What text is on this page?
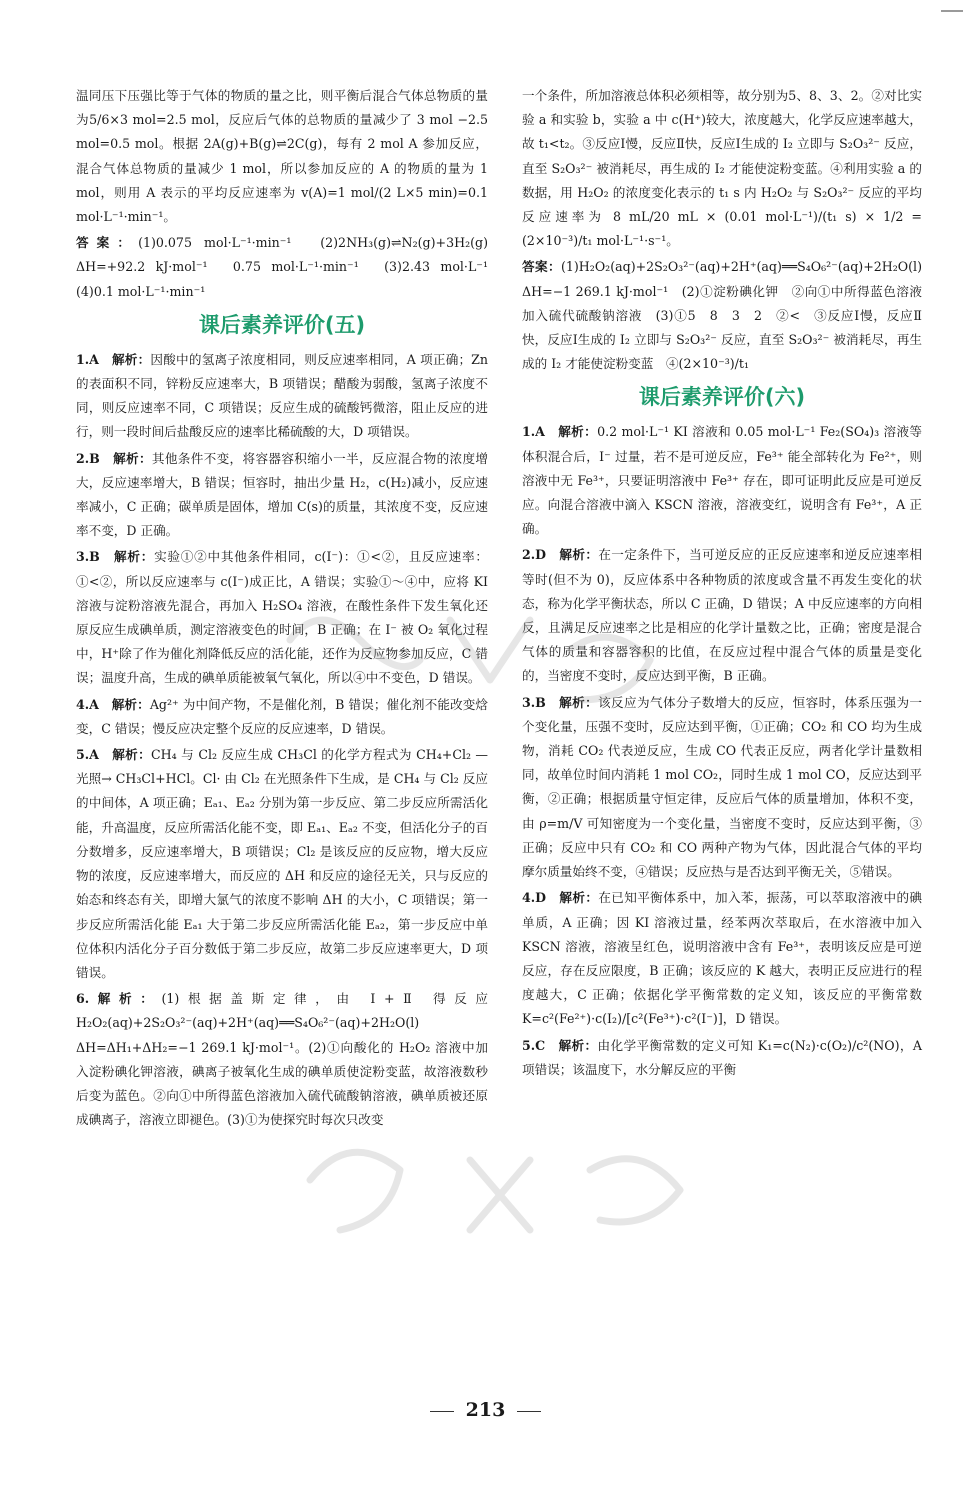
温同压下压强比等于气体的物质的量之比，则平衡后混合气体总物质的量为5/6×3 mol=2.5 mol，反应后气体的总物质的量减少了 3 mol −2.5 mol=0.5 mol。根据 2A(g)+B(g)⇌2C(g)，每有 2 mol A 参加反应，混合气体总物质的量减少 1 mol，所以参加反应的 A 的物质的量为 1 mol，则用 A 表示的平均反应速率为 v(A)=1 mol/(2 L×5 min)=0.1 mol·L⁻¹·min⁻¹。

答案：(1)0.075 mol·L⁻¹·min⁻¹　(2)2NH₃(g)⇌N₂(g)+3H₂(g)　ΔH=+92.2 kJ·mol⁻¹　0.75 mol·L⁻¹·min⁻¹　(3)2.43 mol·L⁻¹　(4)0.1 mol·L⁻¹·min⁻¹

课后素养评价(五)

1.A　 解析：因酸中的氢离子浓度相同，则反应速率相同，A 项正确；Zn 的表面积不同，锌粉反应速率大，B 项错误；醋酸为弱酸，氢离子浓度不同，则反应速率不同，C 项错误；反应生成的硫酸钙微溶，阻止反应的进行，则一段时间后盐酸反应的速率比稀硫酸的大，D 项错误。

2.B　 解析：其他条件不变，将容器容积缩小一半，反应混合物的浓度增大，反应速率增大，B 错误；恒容时，抽出少量 H₂，c(H₂)减小，反应速率减小，C 正确；碳单质是固体，增加 C(s)的质量，其浓度不变，反应速率不变，D 正确。

3.B　 解析：实验①②中其他条件相同，c(I⁻)：①<②，且反应速率：①<②，所以反应速率与 c(I⁻)成正比，A 错误；实验①～④中，应将 KI 溶液与淀粉溶液先混合，再加入 H₂SO₄ 溶液，在酸性条件下发生氧化还原反应生成碘单质，测定溶液变色的时间，B 正确；在 I⁻ 被 O₂ 氧化过程中，H⁺除了作为催化剂降低反应的活化能，还作为反应物参加反应，C 错误；温度升高，生成的碘单质能被氧气氧化，所以④中不变色，D 错误。

4.A　 解析：Ag²⁺ 为中间产物，不是催化剂，B 错误；催化剂不能改变焓变，C 错误；慢反应决定整个反应的反应速率，D 错误。

5.A　 解析：CH₄ 与 Cl₂ 反应生成 CH₃Cl 的化学方程式为 CH₄+Cl₂ —光照→ CH₃Cl+HCl。Cl· 由 Cl₂ 在光照条件下生成，是 CH₄ 与 Cl₂ 反应的中间体，A 项正确；Eₐ₁、Eₐ₂ 分别为第一步反应、第二步反应所需活化能，升高温度，反应所需活化能不变，即 Eₐ₁、Eₐ₂ 不变，但活化分子的百分数增多，反应速率增大，B 项错误；Cl₂ 是该反应的反应物，增大反应物的浓度，反应速率增大，而反应的 ΔH 和反应的途径无关，只与反应的始态和终态有关，即增大氯气的浓度不影响 ΔH 的大小，C 项错误；第一步反应所需活化能 Eₐ₁ 大于第二步反应所需活化能 Eₐ₂，第一步反应中单位体积内活化分子百分数低于第二步反应，故第二步反应速率更大，D 项错误。

6.解析：(1)根据盖斯定律，由 Ⅰ+Ⅱ 得反应 H₂O₂(aq)+2S₂O₃²⁻(aq)+2H⁺(aq)══S₄O₆²⁻(aq)+2H₂O(l)　ΔH=ΔH₁+ΔH₂=−1 269.1 kJ·mol⁻¹。(2)①向酸化的 H₂O₂ 溶液中加入淀粉碘化钾溶液，碘离子被氧化生成的碘单质使淀粉变蓝，故溶液数秒后变为蓝色。②向①中所得蓝色溶液加入硫代硫酸钠溶液，碘单质被还原成碘离子，溶液立即褪色。(3)①为使探究时每次只改变

一个条件，所加溶液总体积必须相等，故分别为5、8、3、2。②对比实验 a 和实验 b，实验 a 中 c(H⁺)较大，浓度越大，化学反应速率越大，故 t₁<t₂。③反应Ⅰ慢，反应Ⅱ快，反应Ⅰ生成的 I₂ 立即与 S₂O₃²⁻ 反应，直至 S₂O₃²⁻ 被消耗尽，再生成的 I₂ 才能使淀粉变蓝。④利用实验 a 的数据，用 H₂O₂ 的浓度变化表示的 t₁ s 内 H₂O₂ 与 S₂O₃²⁻ 反应的平均反应速率为 8 mL/20 mL × (0.01 mol·L⁻¹)/(t₁ s) × 1/2 = (2×10⁻³)/t₁ mol·L⁻¹·s⁻¹。

答案：(1)H₂O₂(aq)+2S₂O₃²⁻(aq)+2H⁺(aq)══S₄O₆²⁻(aq)+2H₂O(l)　ΔH=−1 269.1 kJ·mol⁻¹　(2)①淀粉碘化钾　②向①中所得蓝色溶液加入硫代硫酸钠溶液　(3)①5　8　3　2　②<　③反应Ⅰ慢，反应Ⅱ快，反应Ⅰ生成的 I₂ 立即与 S₂O₃²⁻ 反应，直至 S₂O₃²⁻ 被消耗尽，再生成的 I₂ 才能使淀粉变蓝　④(2×10⁻³)/t₁

课后素养评价(六)

1.A　 解析：0.2 mol·L⁻¹ KI 溶液和 0.05 mol·L⁻¹ Fe₂(SO₄)₃ 溶液等体积混合后，I⁻ 过量，若不是可逆反应，Fe³⁺ 能全部转化为 Fe²⁺，则溶液中无 Fe³⁺，只要证明溶液中 Fe³⁺ 存在，即可证明此反应是可逆反应。向混合溶液中滴入 KSCN 溶液，溶液变红，说明含有 Fe³⁺，A 正确。

2.D　 解析：在一定条件下，当可逆反应的正反应速率和逆反应速率相等时(但不为 0)，反应体系中各种物质的浓度或含量不再发生变化的状态，称为化学平衡状态，所以 C 正确，D 错误；A 中反应速率的方向相反，且满足反应速率之比是相应的化学计量数之比，正确；密度是混合气体的质量和容器容积的比值，在反应过程中混合气体的质量是变化的，当密度不变时，反应达到平衡，B 正确。

3.B　 解析：该反应为气体分子数增大的反应，恒容时，体系压强为一个变化量，压强不变时，反应达到平衡，①正确；CO₂ 和 CO 均为生成物，消耗 CO₂ 代表逆反应，生成 CO 代表正反应，两者化学计量数相同，故单位时间内消耗 1 mol CO₂，同时生成 1 mol CO，反应达到平衡，②正确；根据质量守恒定律，反应后气体的质量增加，体积不变，由 ρ=m/V 可知密度为一个变化量，当密度不变时，反应达到平衡，③正确；反应中只有 CO₂ 和 CO 两种产物为气体，因此混合气体的平均摩尔质量始终不变，④错误；反应热与是否达到平衡无关，⑤错误。

4.D　 解析：在已知平衡体系中，加入苯，振荡，可以萃取溶液中的碘单质，A 正确；因 KI 溶液过量，经苯两次萃取后，在水溶液中加入 KSCN 溶液，溶液呈红色，说明溶液中含有 Fe³⁺，表明该反应是可逆反应，存在反应限度，B 正确；该反应的 K 越大，表明正反应进行的程度越大，C 正确；依据化学平衡常数的定义知，该反应的平衡常数 K=c²(Fe²⁺)·c(I₂)/[c²(Fe³⁺)·c²(I⁻)]，D 错误。

5.C　 解析：由化学平衡常数的定义可知 K₁=c(N₂)·c(O₂)/c²(NO)，A 项错误；该温度下，水分解反应的平衡

213
